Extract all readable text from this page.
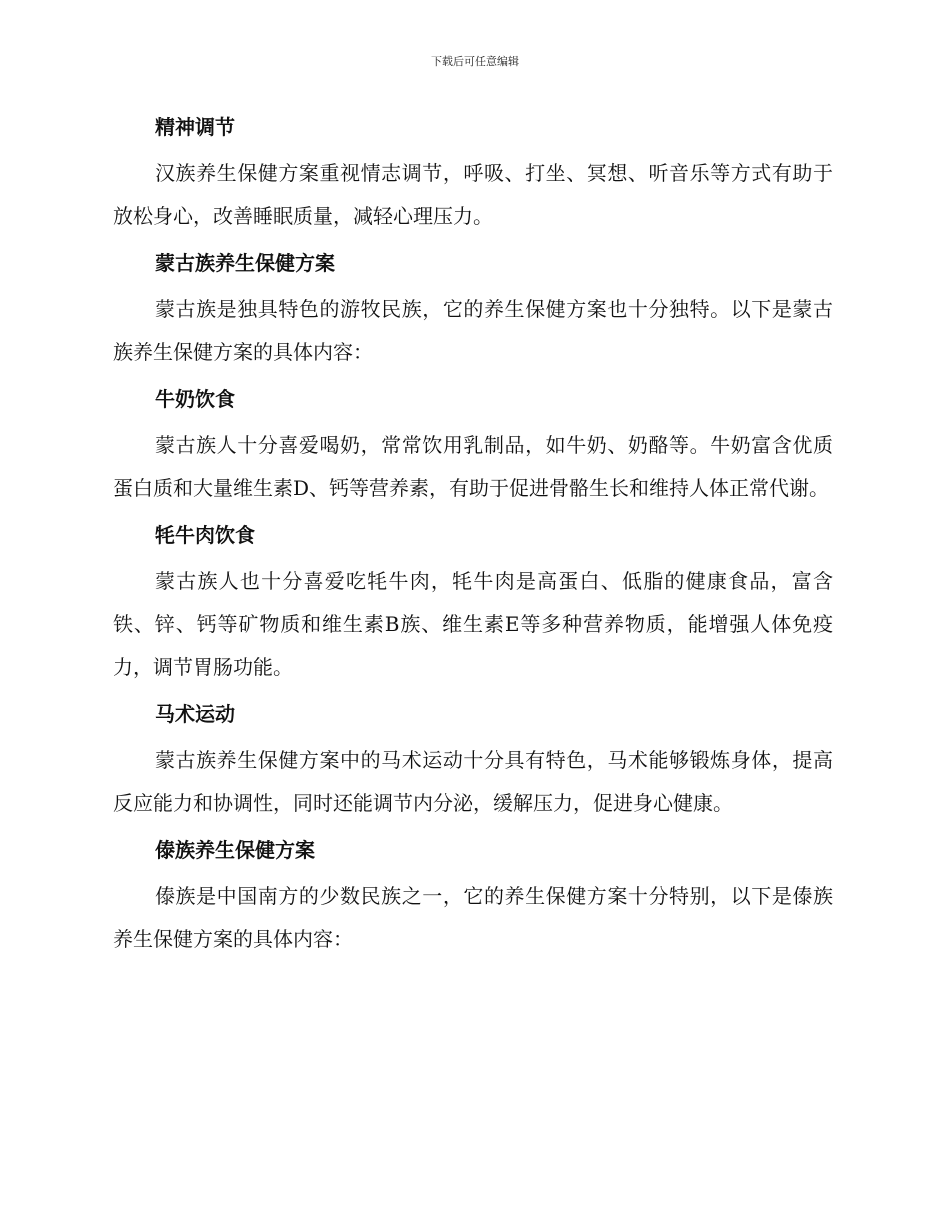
下载后可任意编辑
精神调节

汉族养生保健方案重视情志调节，呼吸、打坐、冥想、听音乐等方式有助于放松身心，改善睡眠质量，减轻心理压力。

蒙古族养生保健方案

蒙古族是独具特色的游牧民族，它的养生保健方案也十分独特。以下是蒙古族养生保健方案的具体内容：

牛奶饮食

蒙古族人十分喜爱喝奶，常常饮用乳制品，如牛奶、奶酪等。牛奶富含优质蛋白质和大量维生素D、钙等营养素，有助于促进骨骼生长和维持人体正常代谢。

牦牛肉饮食

蒙古族人也十分喜爱吃牦牛肉，牦牛肉是高蛋白、低脂的健康食品，富含铁、锌、钙等矿物质和维生素B族、维生素E等多种营养物质，能增强人体免疫力，调节胃肠功能。

马术运动

蒙古族养生保健方案中的马术运动十分具有特色，马术能够锻炼身体，提高反应能力和协调性，同时还能调节内分泌，缓解压力，促进身心健康。

傣族养生保健方案

傣族是中国南方的少数民族之一，它的养生保健方案十分特别，以下是傣族养生保健方案的具体内容：
